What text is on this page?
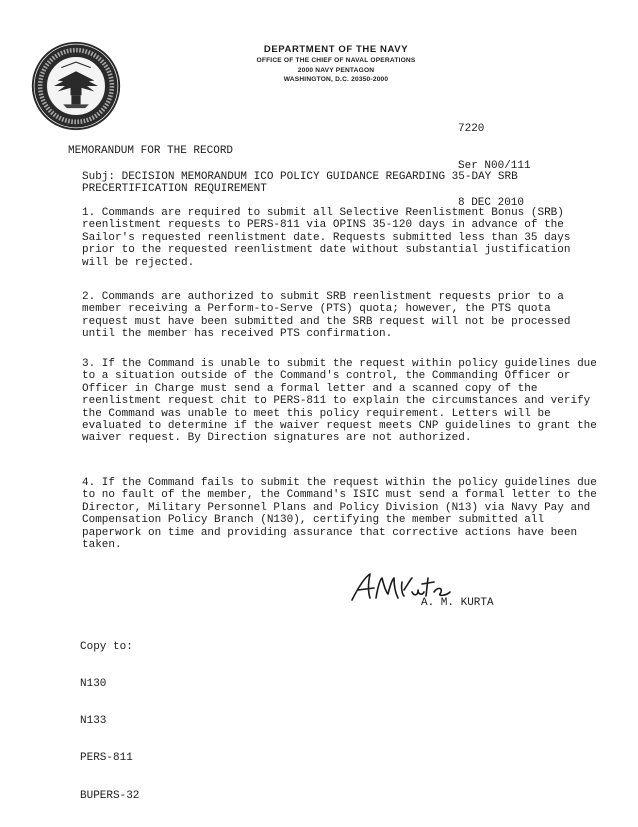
DEPARTMENT OF THE NAVY
OFFICE OF THE CHIEF OF NAVAL OPERATIONS
2000 NAVY PENTAGON
WASHINGTON, D.C. 20350-2000

7220

Ser N00/111

8 DEC 2010

MEMORANDUM FOR THE RECORD
Subj: DECISION MEMORANDUM ICO POLICY GUIDANCE REGARDING 35-DAY SRB PRECERTIFICATION REQUIREMENT
1. Commands are required to submit all Selective Reenlistment Bonus (SRB) reenlistment requests to PERS-811 via OPINS 35-120 days in advance of the Sailor's requested reenlistment date. Requests submitted less than 35 days prior to the requested reenlistment date without substantial justification will be rejected.
2. Commands are authorized to submit SRB reenlistment requests prior to a member receiving a Perform-to-Serve (PTS) quota; however, the PTS quota request must have been submitted and the SRB request will not be processed until the member has received PTS confirmation.
3. If the Command is unable to submit the request within policy guidelines due to a situation outside of the Command's control, the Commanding Officer or Officer in Charge must send a formal letter and a scanned copy of the reenlistment request chit to PERS-811 to explain the circumstances and verify the Command was unable to meet this policy requirement. Letters will be evaluated to determine if the waiver request meets CNP guidelines to grant the waiver request. By Direction signatures are not authorized.
4. If the Command fails to submit the request within the policy guidelines due to no fault of the member, the Command's ISIC must send a formal letter to the Director, Military Personnel Plans and Policy Division (N13) via Navy Pay and Compensation Policy Branch (N130), certifying the member submitted all paperwork on time and providing assurance that corrective actions have been taken.
A. M. KURTA

Copy to:

N130

N133

PERS-811

BUPERS-32
